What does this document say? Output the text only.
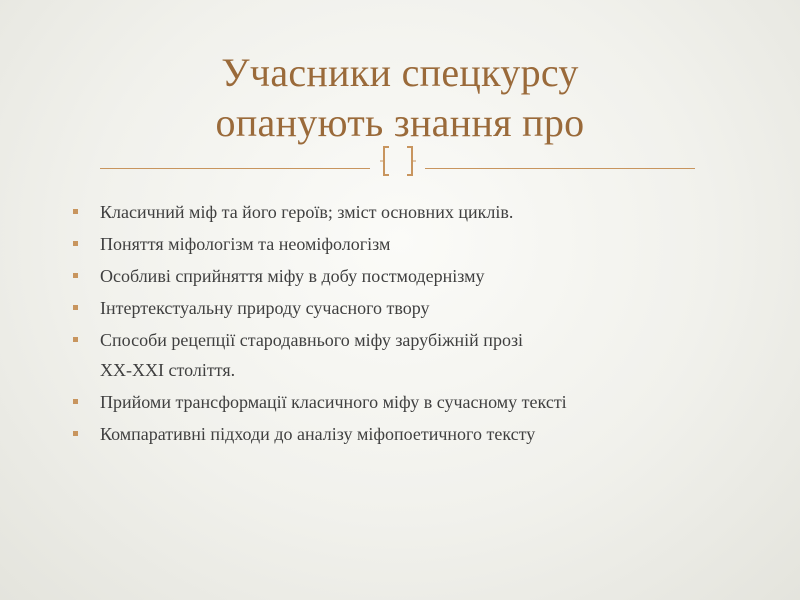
Учасники спецкурсу
опанують знання про
Класичний міф та його героїв; зміст основних циклів.
Поняття міфологізм та неоміфологізм
Особливі сприйняття міфу в добу постмодернізму
Інтертекстуальну природу сучасного твору
Способи рецепції стародавнього міфу зарубіжній прозі
ХХ-ХХІ століття.
Прийоми трансформації класичного міфу в сучасному тексті
Компаративні підходи до аналізу міфопоетичного тексту
